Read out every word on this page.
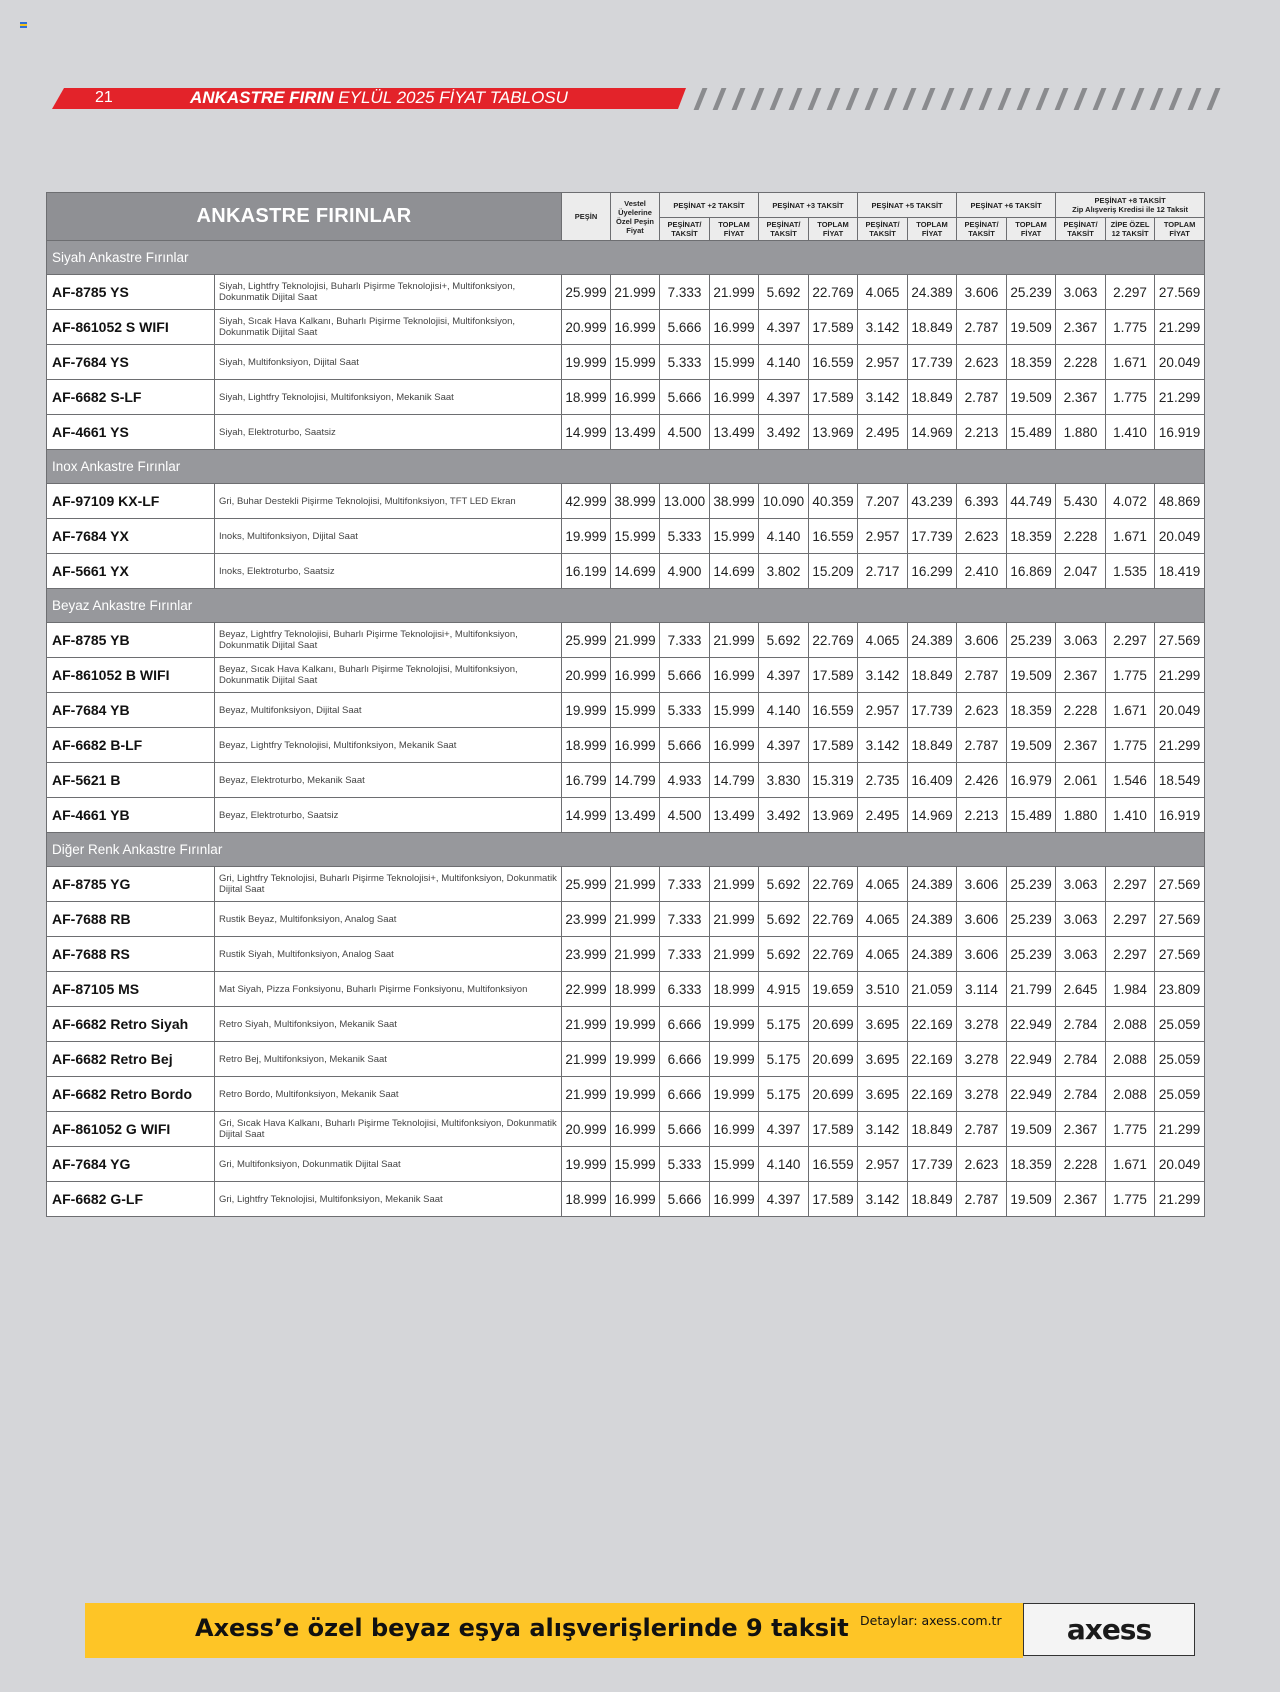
21	ANKASTRE FIRIN EYLÜL 2025 FİYAT TABLOSU
ANKASTRE FIRINLAR		PEŞİN	Vestel Üyelerine Özel Peşin Fiyat	PEŞİNAT +2 TAKSİT		PEŞİNAT +3 TAKSİT		PEŞİNAT +5 TAKSİT		PEŞİNAT +6 TAKSİT		PEŞİNAT +8 TAKSİT
Zip Alışveriş Kredisi ile 12 Taksit		
				PEŞİNAT/ TAKSİT	TOPLAM FİYAT	PEŞİNAT/ TAKSİT	TOPLAM FİYAT	PEŞİNAT/ TAKSİT	TOPLAM FİYAT	PEŞİNAT/ TAKSİT	TOPLAM FİYAT	PEŞİNAT/ TAKSİT	ZİPE ÖZEL 12 TAKSİT	TOPLAM FİYAT
Siyah Ankastre Fırınlar														
AF-8785 YS	Siyah, Lightfry Teknolojisi, Buharlı Pişirme Teknolojisi+, Multifonksiyon, Dokunmatik Dijital Saat	25.999	21.999	7.333	21.999	5.692	22.769	4.065	24.389	3.606	25.239	3.063	2.297	27.569
AF-861052 S WIFI	Siyah, Sıcak Hava Kalkanı, Buharlı Pişirme Teknolojisi, Multifonksiyon, Dokunmatik Dijital Saat	20.999	16.999	5.666	16.999	4.397	17.589	3.142	18.849	2.787	19.509	2.367	1.775	21.299
AF-7684 YS	Siyah, Multifonksiyon, Dijital Saat	19.999	15.999	5.333	15.999	4.140	16.559	2.957	17.739	2.623	18.359	2.228	1.671	20.049
AF-6682 S-LF	Siyah, Lightfry Teknolojisi, Multifonksiyon, Mekanik Saat	18.999	16.999	5.666	16.999	4.397	17.589	3.142	18.849	2.787	19.509	2.367	1.775	21.299
AF-4661 YS	Siyah, Elektroturbo, Saatsiz	14.999	13.499	4.500	13.499	3.492	13.969	2.495	14.969	2.213	15.489	1.880	1.410	16.919
Inox Ankastre Fırınlar														
AF-97109 KX-LF	Gri, Buhar Destekli Pişirme Teknolojisi, Multifonksiyon, TFT LED Ekran	42.999	38.999	13.000	38.999	10.090	40.359	7.207	43.239	6.393	44.749	5.430	4.072	48.869
AF-7684 YX	Inoks, Multifonksiyon, Dijital Saat	19.999	15.999	5.333	15.999	4.140	16.559	2.957	17.739	2.623	18.359	2.228	1.671	20.049
AF-5661 YX	Inoks, Elektroturbo, Saatsiz	16.199	14.699	4.900	14.699	3.802	15.209	2.717	16.299	2.410	16.869	2.047	1.535	18.419
Beyaz Ankastre Fırınlar														
AF-8785 YB	Beyaz, Lightfry Teknolojisi, Buharlı Pişirme Teknolojisi+, Multifonksiyon, Dokunmatik Dijital Saat	25.999	21.999	7.333	21.999	5.692	22.769	4.065	24.389	3.606	25.239	3.063	2.297	27.569
AF-861052 B WIFI	Beyaz, Sıcak Hava Kalkanı, Buharlı Pişirme Teknolojisi, Multifonksiyon, Dokunmatik Dijital Saat	20.999	16.999	5.666	16.999	4.397	17.589	3.142	18.849	2.787	19.509	2.367	1.775	21.299
AF-7684 YB	Beyaz, Multifonksiyon, Dijital Saat	19.999	15.999	5.333	15.999	4.140	16.559	2.957	17.739	2.623	18.359	2.228	1.671	20.049
AF-6682 B-LF	Beyaz, Lightfry Teknolojisi, Multifonksiyon, Mekanik Saat	18.999	16.999	5.666	16.999	4.397	17.589	3.142	18.849	2.787	19.509	2.367	1.775	21.299
AF-5621 B	Beyaz, Elektroturbo, Mekanik Saat	16.799	14.799	4.933	14.799	3.830	15.319	2.735	16.409	2.426	16.979	2.061	1.546	18.549
AF-4661 YB	Beyaz, Elektroturbo, Saatsiz	14.999	13.499	4.500	13.499	3.492	13.969	2.495	14.969	2.213	15.489	1.880	1.410	16.919
Diğer Renk Ankastre Fırınlar														
AF-8785 YG	Gri, Lightfry Teknolojisi, Buharlı Pişirme Teknolojisi+, Multifonksiyon, Dokunmatik Dijital Saat	25.999	21.999	7.333	21.999	5.692	22.769	4.065	24.389	3.606	25.239	3.063	2.297	27.569
AF-7688 RB	Rustik Beyaz, Multifonksiyon, Analog Saat	23.999	21.999	7.333	21.999	5.692	22.769	4.065	24.389	3.606	25.239	3.063	2.297	27.569
AF-7688 RS	Rustik Siyah, Multifonksiyon, Analog Saat	23.999	21.999	7.333	21.999	5.692	22.769	4.065	24.389	3.606	25.239	3.063	2.297	27.569
AF-87105 MS	Mat Siyah, Pizza Fonksiyonu, Buharlı Pişirme Fonksiyonu, Multifonksiyon	22.999	18.999	6.333	18.999	4.915	19.659	3.510	21.059	3.114	21.799	2.645	1.984	23.809
AF-6682 Retro Siyah	Retro Siyah, Multifonksiyon, Mekanik Saat	21.999	19.999	6.666	19.999	5.175	20.699	3.695	22.169	3.278	22.949	2.784	2.088	25.059
AF-6682 Retro Bej	Retro Bej, Multifonksiyon, Mekanik Saat	21.999	19.999	6.666	19.999	5.175	20.699	3.695	22.169	3.278	22.949	2.784	2.088	25.059
AF-6682 Retro Bordo	Retro Bordo, Multifonksiyon, Mekanik Saat	21.999	19.999	6.666	19.999	5.175	20.699	3.695	22.169	3.278	22.949	2.784	2.088	25.059
AF-861052 G WIFI	Gri, Sıcak Hava Kalkanı, Buharlı Pişirme Teknolojisi, Multifonksiyon, Dokunmatik Dijital Saat	20.999	16.999	5.666	16.999	4.397	17.589	3.142	18.849	2.787	19.509	2.367	1.775	21.299
AF-7684 YG	Gri, Multifonksiyon, Dokunmatik Dijital Saat	19.999	15.999	5.333	15.999	4.140	16.559	2.957	17.739	2.623	18.359	2.228	1.671	20.049
AF-6682 G-LF	Gri, Lightfry Teknolojisi, Multifonksiyon, Mekanik Saat	18.999	16.999	5.666	16.999	4.397	17.589	3.142	18.849	2.787	19.509	2.367	1.775	21.299
Axess’e özel beyaz eşya alışverişlerinde 9 taksit Detaylar: axess.com.tr axess
